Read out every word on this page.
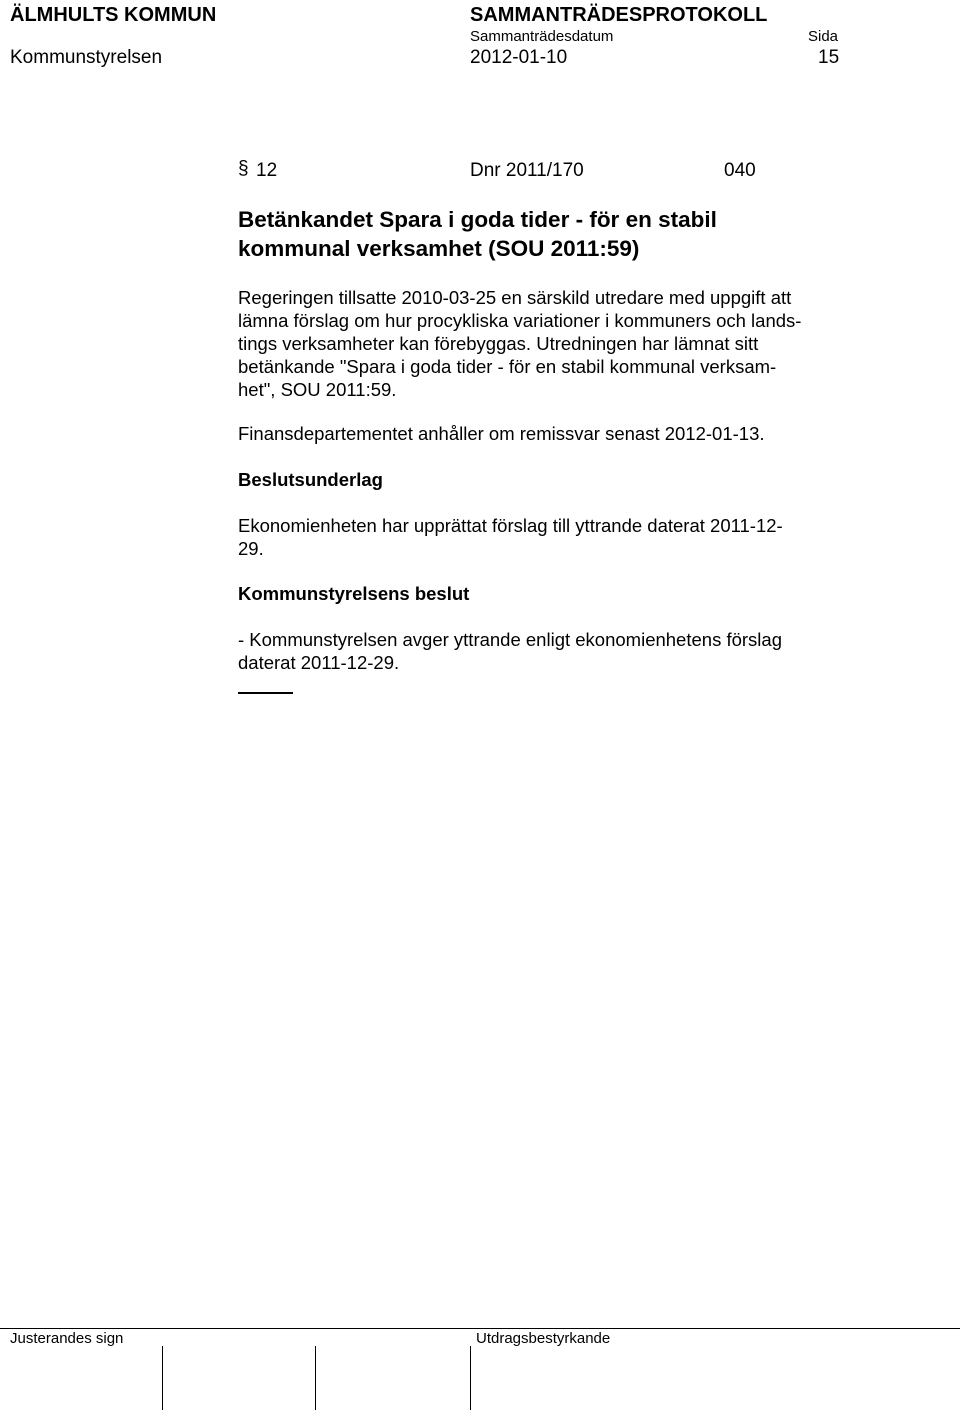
ÄLMHULTS KOMMUN	SAMMANTRÄDESPROTOKOLL
Sammanträdesdatum	Sida
Kommunstyrelsen	2012-01-10	15
§ 12	Dnr 2011/170	040
Betänkandet Spara i goda tider - för en stabil
kommunal verksamhet (SOU 2011:59)
Regeringen tillsatte 2010-03-25 en särskild utredare med uppgift att
lämna förslag om hur procykliska variationer i kommuners och lands-
tings verksamheter kan förebyggas. Utredningen har lämnat sitt
betänkande "Spara i goda tider - för en stabil kommunal verksam-
het", SOU 2011:59.
Finansdepartementet anhåller om remissvar senast 2012-01-13.
Beslutsunderlag
Ekonomienheten har upprättat förslag till yttrande daterat 2011-12-
29.
Kommunstyrelsens beslut
- Kommunstyrelsen avger yttrande enligt ekonomienhetens förslag
daterat 2011-12-29.
Justerandes sign	Utdragsbestyrkande
